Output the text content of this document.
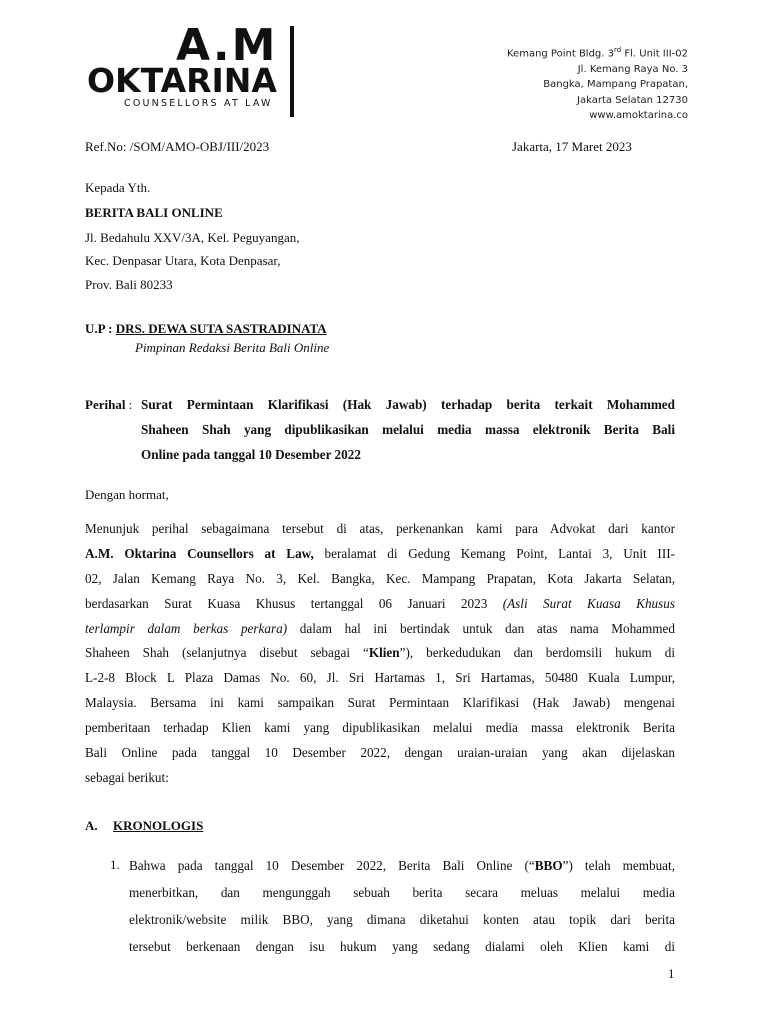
A.M
OKTARINA
COUNSELLORS AT LAW
Kemang Point Bldg. 3rd Fl. Unit III-02
Jl. Kemang Raya No. 3
Bangka, Mampang Prapatan,
Jakarta Selatan 12730
www.amoktarina.co
Ref.No: /SOM/AMO-OBJ/III/2023	Jakarta, 17 Maret 2023
Kepada Yth.
BERITA BALI ONLINE
Jl. Bedahulu XXV/3A, Kel. Peguyangan,
Kec. Denpasar Utara, Kota Denpasar,
Prov. Bali 80233
U.P : DRS. DEWA SUTA SASTRADINATA
Pimpinan Redaksi Berita Bali Online
Perihal : Surat Permintaan Klarifikasi (Hak Jawab) terhadap berita terkait Mohammed
Shaheen Shah yang dipublikasikan melalui media massa elektronik Berita Bali
Online pada tanggal 10 Desember 2022
Dengan hormat,
Menunjuk perihal sebagaimana tersebut di atas, perkenankan kami para Advokat dari kantor
A.M. Oktarina Counsellors at Law, beralamat di Gedung Kemang Point, Lantai 3, Unit III-
02, Jalan Kemang Raya No. 3, Kel. Bangka, Kec. Mampang Prapatan, Kota Jakarta Selatan,
berdasarkan Surat Kuasa Khusus tertanggal 06 Januari 2023 (Asli Surat Kuasa Khusus
terlampir dalam berkas perkara) dalam hal ini bertindak untuk dan atas nama Mohammed
Shaheen Shah (selanjutnya disebut sebagai “Klien”), berkedudukan dan berdomsili hukum di
L-2-8 Block L Plaza Damas No. 60, Jl. Sri Hartamas 1, Sri Hartamas, 50480 Kuala Lumpur,
Malaysia. Bersama ini kami sampaikan Surat Permintaan Klarifikasi (Hak Jawab) mengenai
pemberitaan terhadap Klien kami yang dipublikasikan melalui media massa elektronik Berita
Bali Online pada tanggal 10 Desember 2022, dengan uraian-uraian yang akan dijelaskan
sebagai berikut:
A. KRONOLOGIS
1. Bahwa pada tanggal 10 Desember 2022, Berita Bali Online (“BBO”) telah membuat,
menerbitkan, dan mengunggah sebuah berita secara meluas melalui media
elektronik/website milik BBO, yang dimana diketahui konten atau topik dari berita
tersebut berkenaan dengan isu hukum yang sedang dialami oleh Klien kami di
1
